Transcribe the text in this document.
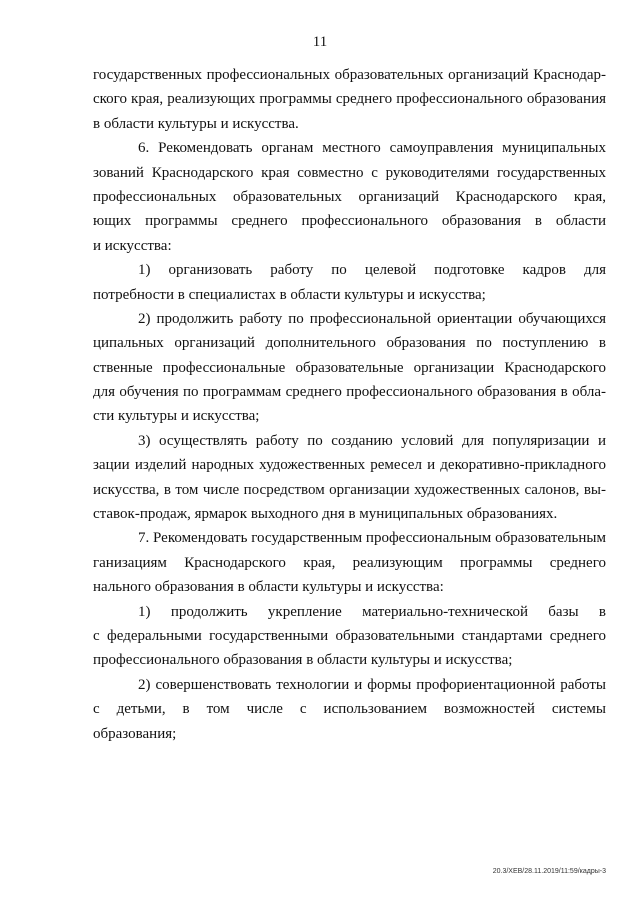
11
государственных профессиональных образовательных организаций Краснодар-
ского края, реализующих программы среднего профессионального образования
в области культуры и искусства.
6. Рекомендовать органам местного самоуправления муниципальных
зований Краснодарского края совместно с руководителями государственных
профессиональных образовательных организаций Краснодарского края,
ющих программы среднего профессионального образования в области
и искусства:
1) организовать работу по целевой подготовке кадров для
потребности в специалистах в области культуры и искусства;
2) продолжить работу по профессиональной ориентации обучающихся
ципальных организаций дополнительного образования по поступлению в
ственные профессиональные образовательные организации Краснодарского
для обучения по программам среднего профессионального образования в обла-
сти культуры и искусства;
3) осуществлять работу по созданию условий для популяризации и
зации изделий народных художественных ремесел и декоративно-прикладного
искусства, в том числе посредством организации художественных салонов, вы-
ставок-продаж, ярмарок выходного дня в муниципальных образованиях.
7. Рекомендовать государственным профессиональным образовательным
ганизациям Краснодарского края, реализующим программы среднего
нального образования в области культуры и искусства:
1) продолжить укрепление материально-технической базы в
с федеральными государственными образовательными стандартами среднего
профессионального образования в области культуры и искусства;
2) совершенствовать технологии и формы профориентационной работы
с детьми, в том числе с использованием возможностей системы
образования;
20.3/ХЕВ/28.11.2019/11:59/кадры-3
